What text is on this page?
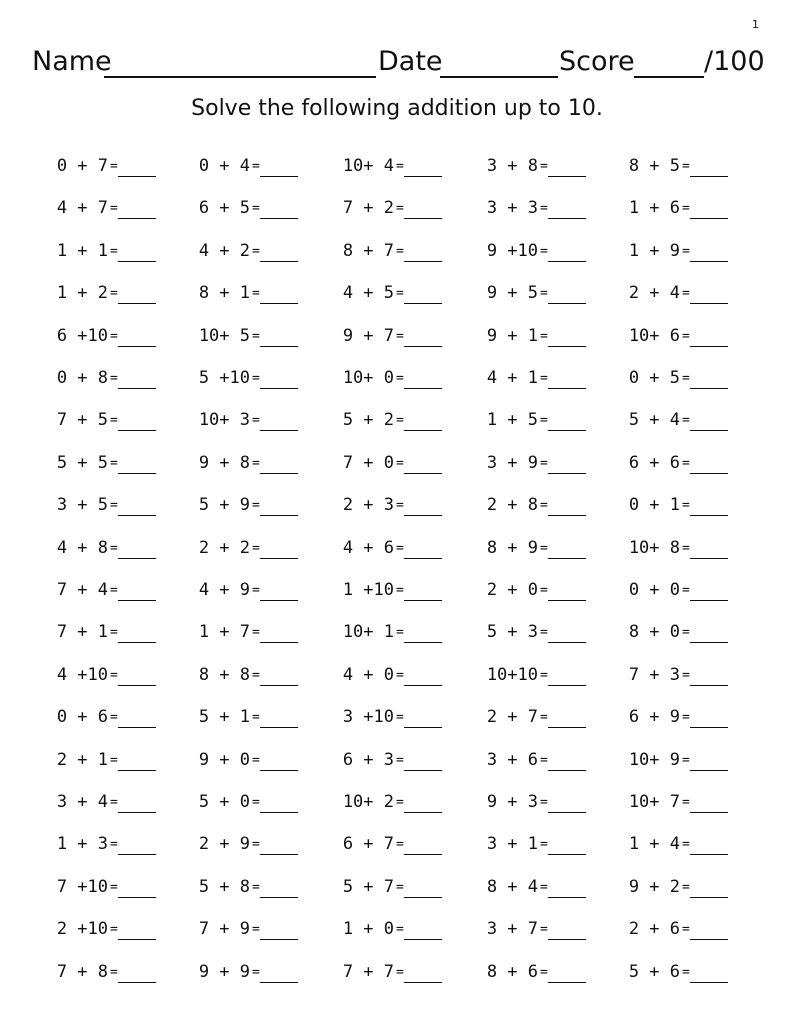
1
Name	Date	Score	/100
Solve the following addition up to 10.
0 + 7 =	0 + 4 =	10+ 4 =	3 + 8 =	8 + 5 =
4 + 7 =	6 + 5 =	7 + 2 =	3 + 3 =	1 + 6 =
1 + 1 =	4 + 2 =	8 + 7 =	9 +10 =	1 + 9 =
1 + 2 =	8 + 1 =	4 + 5 =	9 + 5 =	2 + 4 =
6 +10 =	10+ 5 =	9 + 7 =	9 + 1 =	10+ 6 =
0 + 8 =	5 +10 =	10+ 0 =	4 + 1 =	0 + 5 =
7 + 5 =	10+ 3 =	5 + 2 =	1 + 5 =	5 + 4 =
5 + 5 =	9 + 8 =	7 + 0 =	3 + 9 =	6 + 6 =
3 + 5 =	5 + 9 =	2 + 3 =	2 + 8 =	0 + 1 =
4 + 8 =	2 + 2 =	4 + 6 =	8 + 9 =	10+ 8 =
7 + 4 =	4 + 9 =	1 +10 =	2 + 0 =	0 + 0 =
7 + 1 =	1 + 7 =	10+ 1 =	5 + 3 =	8 + 0 =
4 +10 =	8 + 8 =	4 + 0 =	10+10 =	7 + 3 =
0 + 6 =	5 + 1 =	3 +10 =	2 + 7 =	6 + 9 =
2 + 1 =	9 + 0 =	6 + 3 =	3 + 6 =	10+ 9 =
3 + 4 =	5 + 0 =	10+ 2 =	9 + 3 =	10+ 7 =
1 + 3 =	2 + 9 =	6 + 7 =	3 + 1 =	1 + 4 =
7 +10 =	5 + 8 =	5 + 7 =	8 + 4 =	9 + 2 =
2 +10 =	7 + 9 =	1 + 0 =	3 + 7 =	2 + 6 =
7 + 8 =	9 + 9 =	7 + 7 =	8 + 6 =	5 + 6 =
